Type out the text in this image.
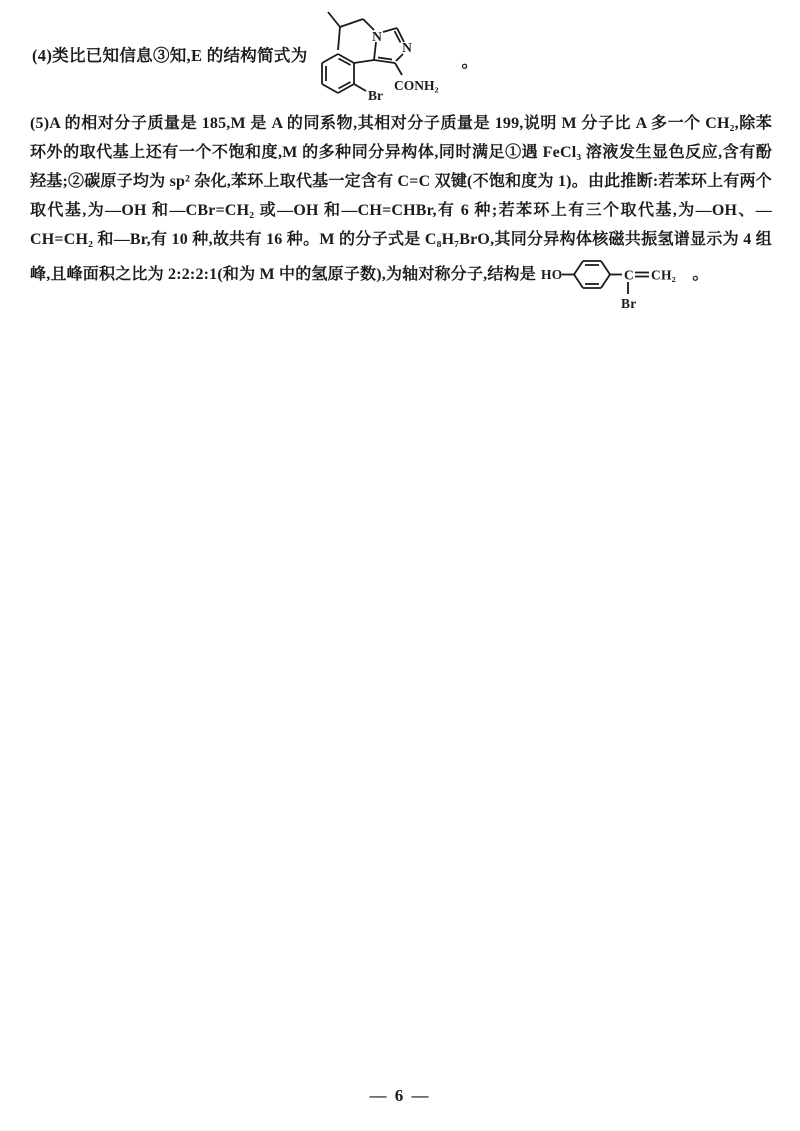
(4)类比已知信息③知,E 的结构简式为
N
N
Br
CONH₂
。
(5)A 的相对分子质量是 185,M 是 A 的同系物,其相对分子质量是 199,说明 M 分子比 A 多一个 CH₂,除苯环外的取代基上还有一个不饱和度,M 的多种同分异构体,同时满足①遇 FeCl₃ 溶液发生显色反应,含有酚羟基;②碳原子均为 sp² 杂化,苯环上取代基一定含有 C=C 双键(不饱和度为 1)。由此推断:若苯环上有两个取代基,为—OH 和—CBr=CH₂ 或—OH 和—CH=CHBr,有 6 种;若苯环上有三个取代基,为—OH、—CH=CH₂ 和—Br,有 10 种,故共有 16 种。M 的分子式是 C₈H₇BrO,其同分异构体核磁共振氢谱显示为 4 组峰,且峰面积之比为 2:2:2:1(和为 M 中的氢原子数),为轴对称分子,结构是 HO	C CH₂
Br
。
— 6 —
